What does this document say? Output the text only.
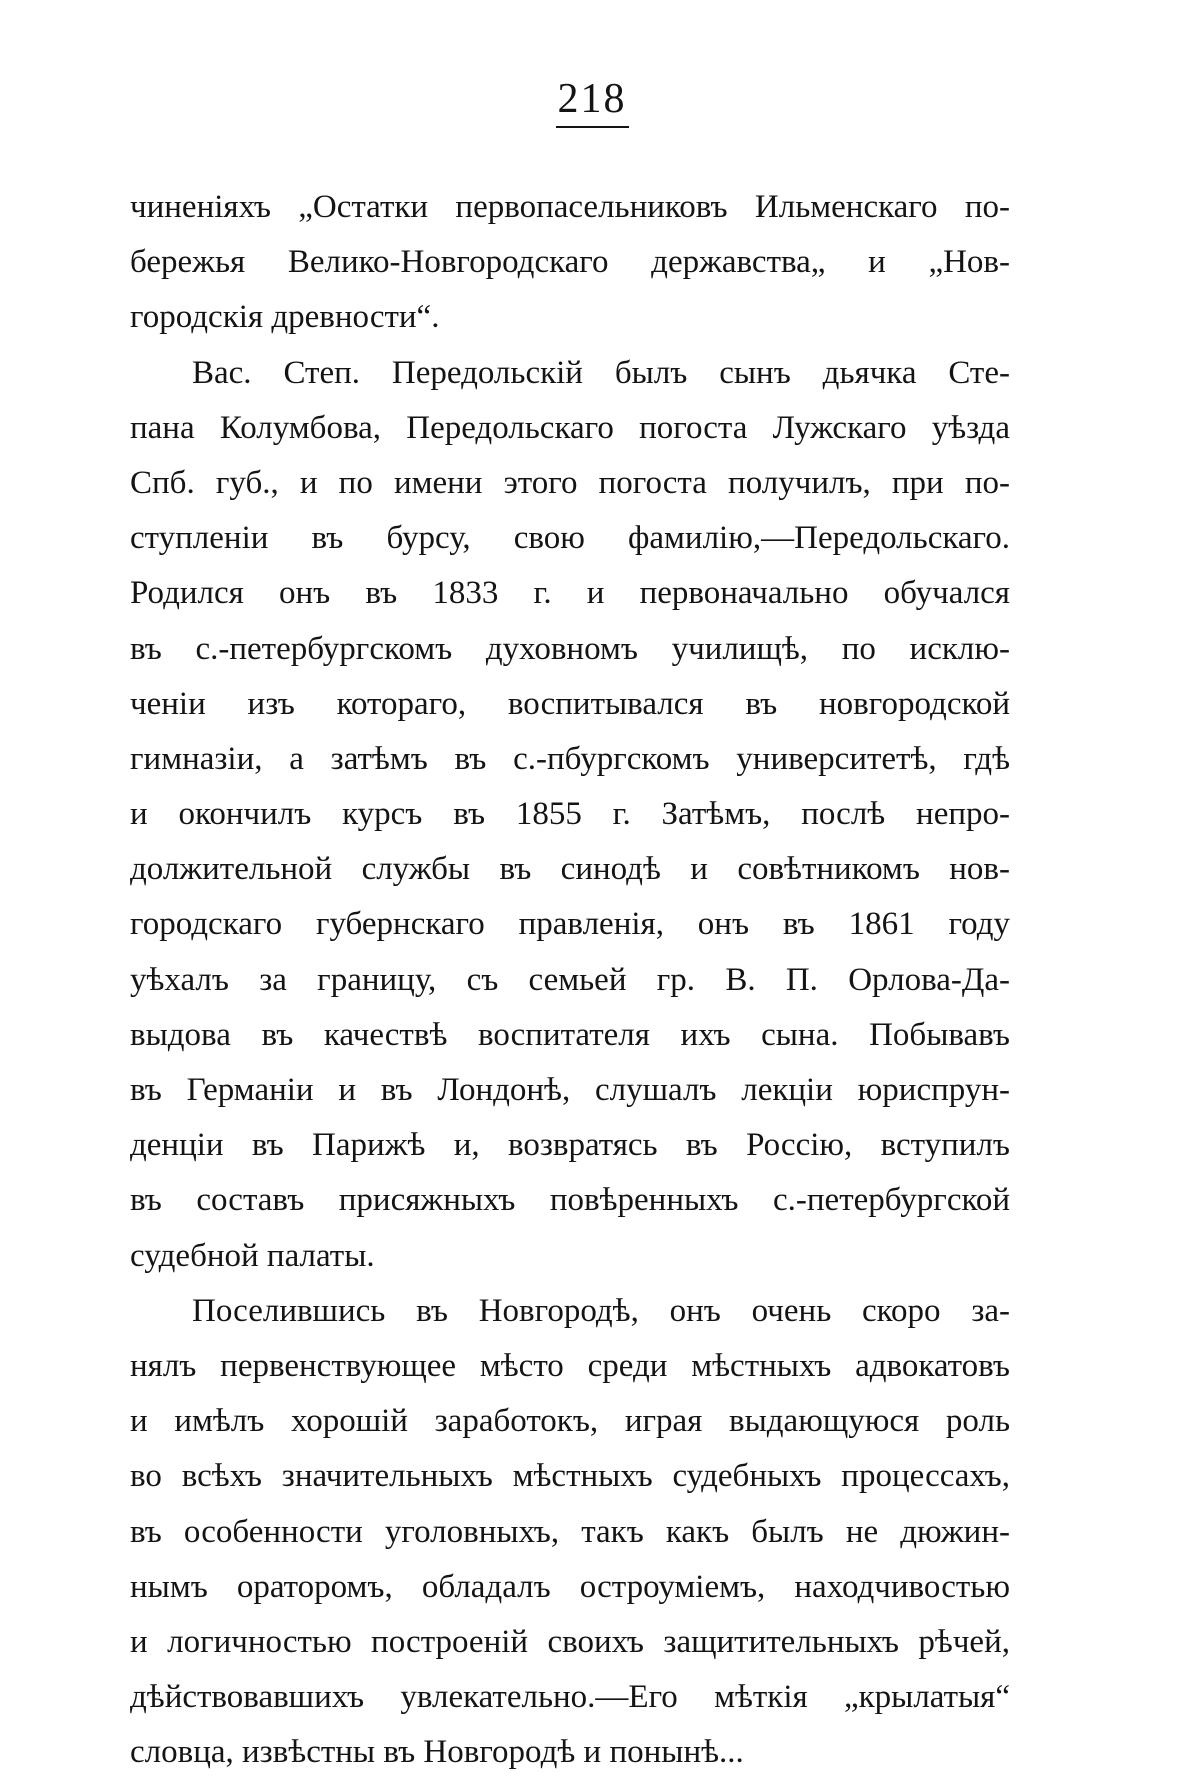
218
чиненіяхъ „Остатки первопасельниковъ Ильменскаго по-
бережья Велико-Новгородскаго державства„ и „Нов-
городскія древности“.
Вас. Степ. Передольскій былъ сынъ дьячка Сте-
пана Колумбова, Передольскаго погоста Лужскаго уѣзда
Спб. губ., и по имени этого погоста получилъ, при по-
ступленіи въ бурсу, свою фамилію,—Передольскаго.
Родился онъ въ 1833 г. и первоначально обучался
въ с.-петербургскомъ духовномъ училищѣ, по исклю-
ченіи изъ котораго, воспитывался въ новгородской
гимназіи, а затѣмъ въ с.-пбургскомъ университетѣ, гдѣ
и окончилъ курсъ въ 1855 г. Затѣмъ, послѣ непро-
должительной службы въ синодѣ и совѣтникомъ нов-
городскаго губернскаго правленія, онъ въ 1861 году
уѣхалъ за границу, съ семьей гр. В. П. Орлова-Да-
выдова въ качествѣ воспитателя ихъ сына. Побывавъ
въ Германіи и въ Лондонѣ, слушалъ лекціи юриспрун-
денціи въ Парижѣ и, возвратясь въ Россію, вступилъ
въ составъ присяжныхъ повѣренныхъ с.-петербургской
судебной палаты.
Поселившись въ Новгородѣ, онъ очень скоро за-
нялъ первенствующее мѣсто среди мѣстныхъ адвокатовъ
и имѣлъ хорошій заработокъ, играя выдающуюся роль
во всѣхъ значительныхъ мѣстныхъ судебныхъ процессахъ,
въ особенности уголовныхъ, такъ какъ былъ не дюжин-
нымъ ораторомъ, обладалъ остроуміемъ, находчивостью
и логичностью построеній своихъ защитительныхъ рѣчей,
дѣйствовавшихъ увлекательно.—Его мѣткія „крылатыя“
словца, извѣстны въ Новгородѣ и понынѣ...
